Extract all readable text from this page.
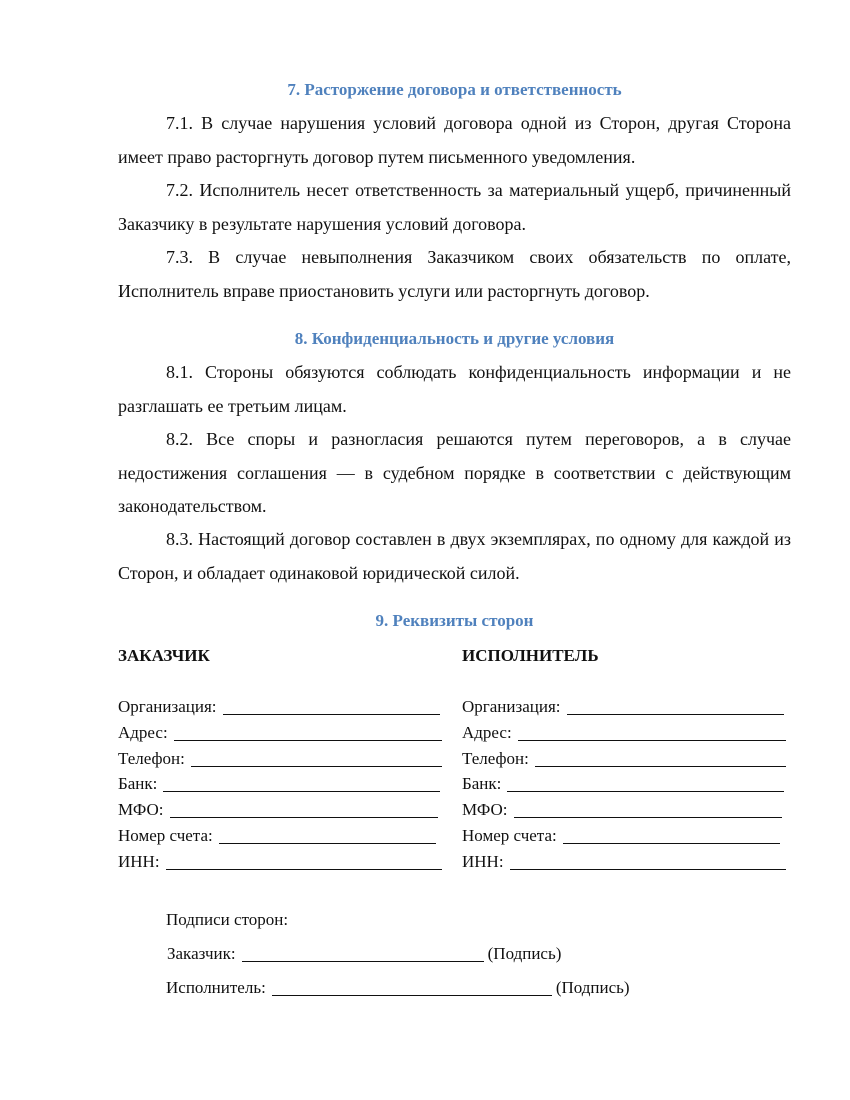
7. Расторжение договора и ответственность

7.1. В случае нарушения условий договора одной из Сторон, другая Сторона имеет право расторгнуть договор путем письменного уведомления.

7.2. Исполнитель несет ответственность за материальный ущерб, причиненный Заказчику в результате нарушения условий договора.

7.3. В случае невыполнения Заказчиком своих обязательств по оплате, Исполнитель вправе приостановить услуги или расторгнуть договор.

8. Конфиденциальность и другие условия

8.1. Стороны обязуются соблюдать конфиденциальность информации и не разглашать ее третьим лицам.

8.2. Все споры и разногласия решаются путем переговоров, а в случае недостижения соглашения — в судебном порядке в соответствии с действующим законодательством.

8.3. Настоящий договор составлен в двух экземплярах, по одному для каждой из Сторон, и обладает одинаковой юридической силой.

9. Реквизиты сторон
ЗАКАЗЧИК
Организация:
Адрес:
Телефон:
Банк:
МФО:
Номер счета:
ИНН:
ИСПОЛНИТЕЛЬ
Организация:
Адрес:
Телефон:
Банк:
МФО:
Номер счета:
ИНН:
Подписи сторон:
Заказчик:	(Подпись)
Исполнитель:	(Подпись)
